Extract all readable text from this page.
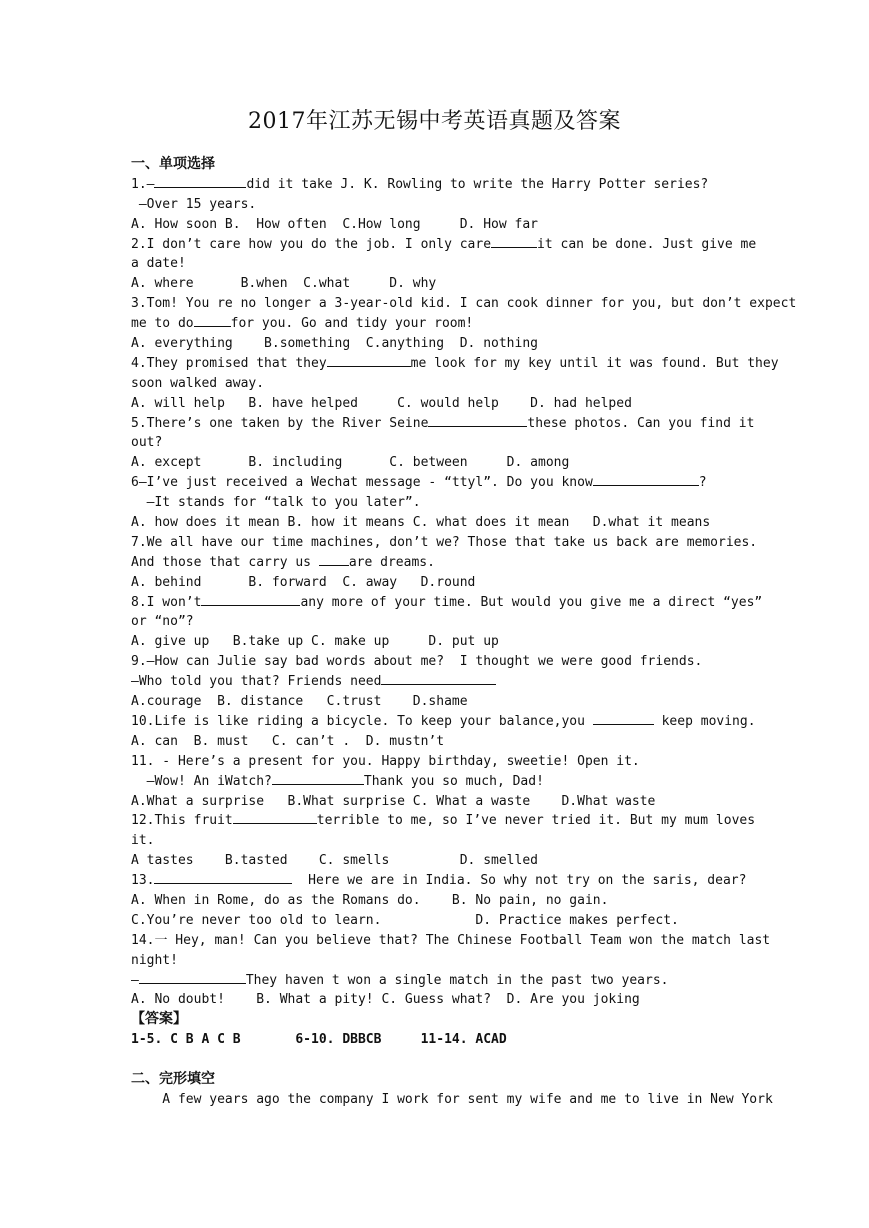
2017年江苏无锡中考英语真题及答案
一、单项选择
1.—	did it take J. K. Rowling to write the Harry Potter series?
—Over 15 years.
A. How soon B.  How often  C.How long     D. How far
2.I don’t care how you do the job. I only care	it can be done. Just give me
a date!
A. where      B.when  C.what     D. why
3.Tom! You re no longer a 3-year-old kid. I can cook dinner for you, but don’t expect
me to do	for you. Go and tidy your room!
A. everything    B.something  C.anything  D. nothing
4.They promised that they	me look for my key until it was found. But they
soon walked away.
A. will help   B. have helped     C. would help    D. had helped
5.There’s one taken by the River Seine	these photos. Can you find it
out?
A. except      B. including      C. between     D. among
6—I’ve just received a Wechat message - “ttyl”. Do you know	?
—It stands for “talk to you later”.
A. how does it mean B. how it means C. what does it mean   D.what it means
7.We all have our time machines, don’t we? Those that take us back are memories.
And those that carry us are dreams.
A. behind      B. forward  C. away   D.round
8.I won’t	any more of your time. But would you give me a direct “yes”
or “no”?
A. give up   B.take up C. make up     D. put up
9.—How can Julie say bad words about me?  I thought we were good friends.
—Who told you that? Friends need
A.courage  B. distance   C.trust    D.shame
10.Life is like riding a bicycle. To keep your balance,you	keep moving.
A. can  B. must   C. can’t .  D. mustn’t
11. - Here’s a present for you. Happy birthday, sweetie! Open it.
—Wow! An iWatch?	Thank you so much, Dad!
A.What a surprise   B.What surprise C. What a waste    D.What waste
12.This fruit	terrible to me, so I’ve never tried it. But my mum loves
it.
A tastes    B.tasted    C. smells         D. smelled
13.	Here we are in India. So why not try on the saris, dear?
A. When in Rome, do as the Romans do.    B. No pain, no gain.
C.You’re never too old to learn.            D. Practice makes perfect.
14.一 Hey, man! Can you believe that? The Chinese Football Team won the match last
night!
—	They haven t won a single match in the past two years.
A. No doubt!    B. What a pity! C. Guess what?  D. Are you joking
【答案】
1-5. C B A C B       6-10. DBBCB     11-14. ACAD
二、完形填空
A few years ago the company I work for sent my wife and me to live in New York
